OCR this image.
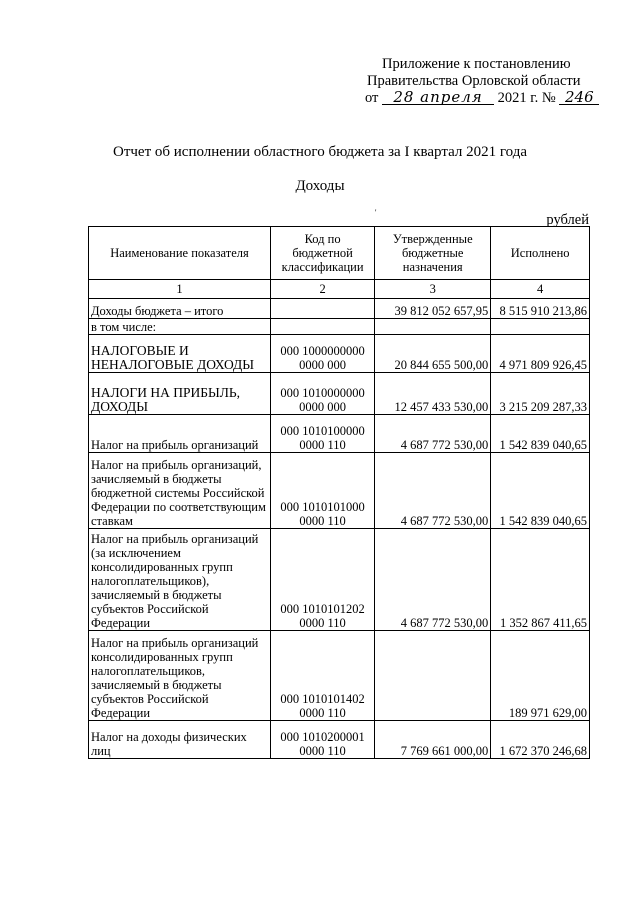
Приложение к постановлению
Правительства Орловской области
от 28 апреля 2021 г. № 246
Отчет об исполнении областного бюджета за I квартал 2021 года
Доходы
'	рублей
Наименование показателя	Код по бюджетной классификации	Утвержденные бюджетные назначения	Исполнено
1	2	3	4
Доходы бюджета – итого		39 812 052 657,95	8 515 910 213,86
в том числе:			
НАЛОГОВЫЕ И НЕНАЛОГОВЫЕ ДОХОДЫ	000 1000000000 0000 000	20 844 655 500,00	4 971 809 926,45
НАЛОГИ НА ПРИБЫЛЬ, ДОХОДЫ	000 1010000000 0000 000	12 457 433 530,00	3 215 209 287,33
Налог на прибыль организаций	000 1010100000 0000 110	4 687 772 530,00	1 542 839 040,65
Налог на прибыль организаций, зачисляемый в бюджеты бюджетной системы Российской Федерации по соответствующим ставкам	000 1010101000 0000 110	4 687 772 530,00	1 542 839 040,65
Налог на прибыль организаций (за исключением консолидированных групп налогоплательщиков), зачисляемый в бюджеты субъектов Российской Федерации	000 1010101202 0000 110	4 687 772 530,00	1 352 867 411,65
Налог на прибыль организаций консолидированных групп налогоплательщиков, зачисляемый в бюджеты субъектов Российской Федерации	000 1010101402 0000 110		189 971 629,00
Налог на доходы физических лиц	000 1010200001 0000 110	7 769 661 000,00	1 672 370 246,68
